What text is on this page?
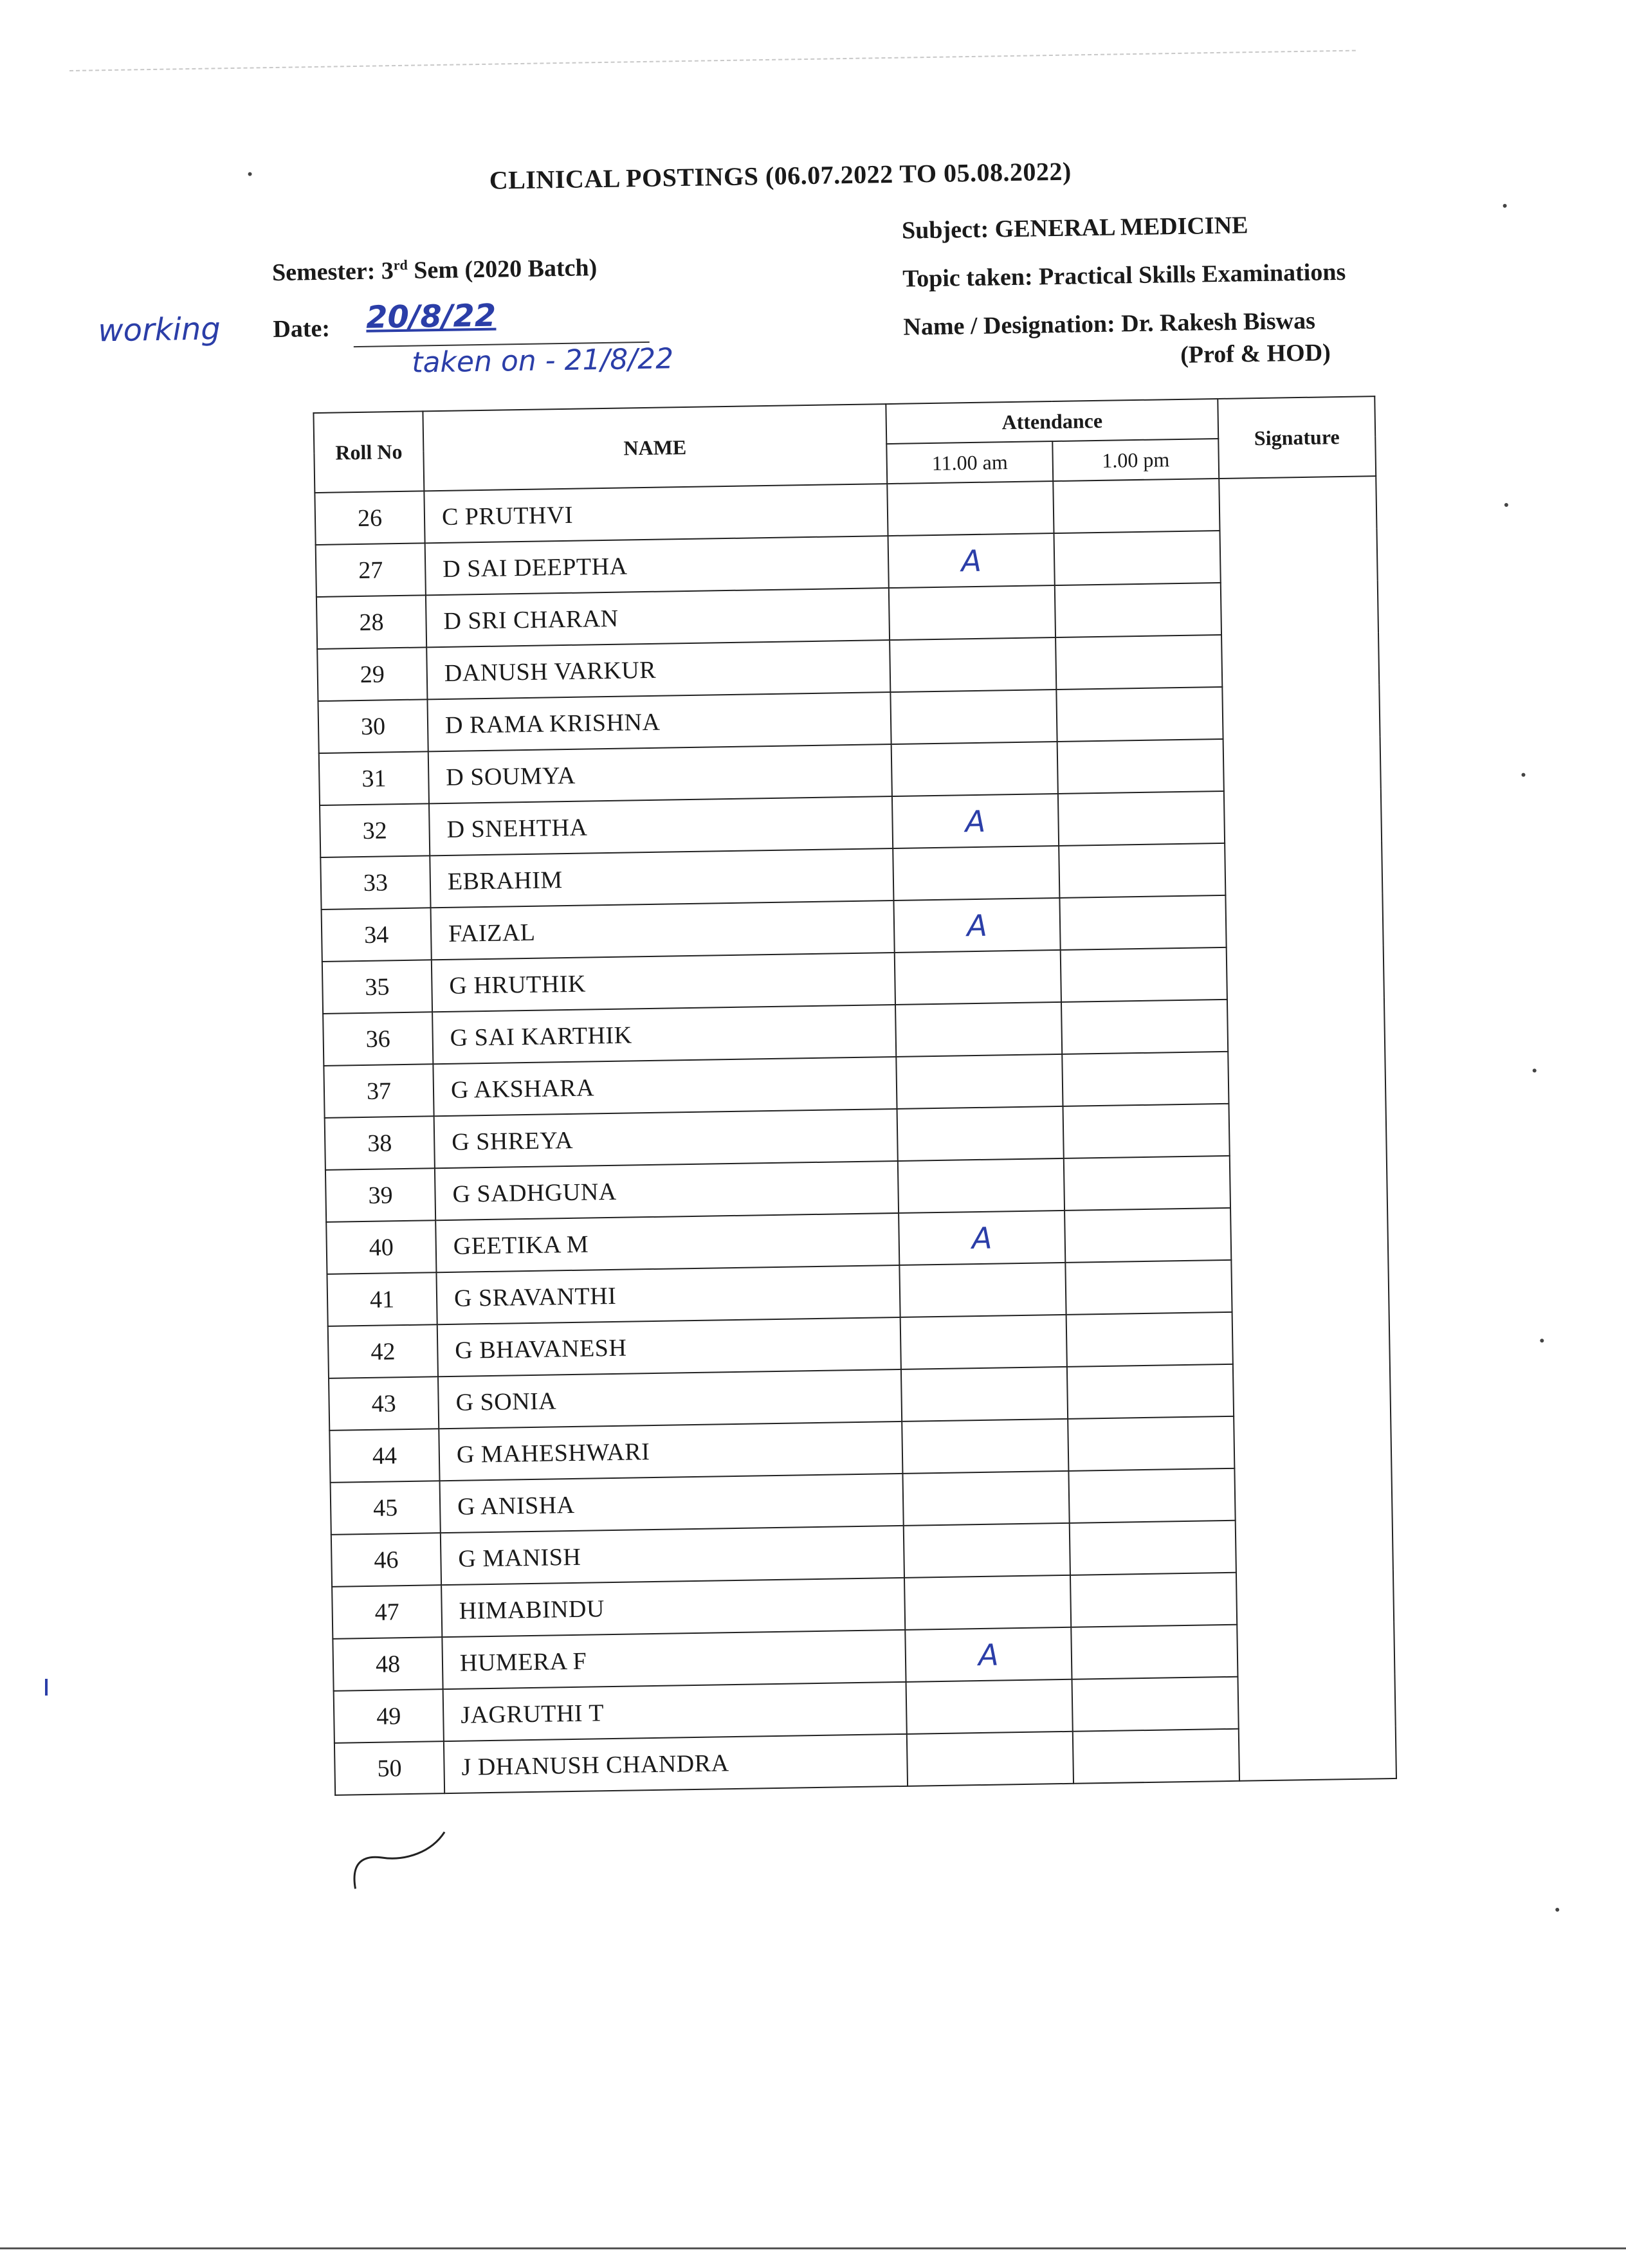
CLINICAL POSTINGS (06.07.2022 TO 05.08.2022)
Semester: 3rd Sem (2020 Batch)
working Date: 20/8/22
taken on - 21/8/22
Subject: GENERAL MEDICINE
Topic taken: Practical Skills Examinations
Name / Designation: Dr. Rakesh Biswas
(Prof & HOD)
Roll No	NAME	Attendance		Signature
		11.00 am	1.00 pm	
26	C PRUTHVI			
27	D SAI DEEPTHA	A		
28	D SRI CHARAN			
29	DANUSH VARKUR			
30	D RAMA KRISHNA			
31	D SOUMYA			
32	D SNEHTHA	A		
33	EBRAHIM			
34	FAIZAL	A		
35	G HRUTHIK			
36	G SAI KARTHIK			
37	G AKSHARA			
38	G SHREYA			
39	G SADHGUNA			
40	GEETIKA M	A		
41	G SRAVANTHI			
42	G BHAVANESH			
43	G SONIA			
44	G MAHESHWARI			
45	G ANISHA			
46	G MANISH			
47	HIMABINDU			
48	HUMERA F	A		
49	JAGRUTHI T			
50	J DHANUSH CHANDRA			
